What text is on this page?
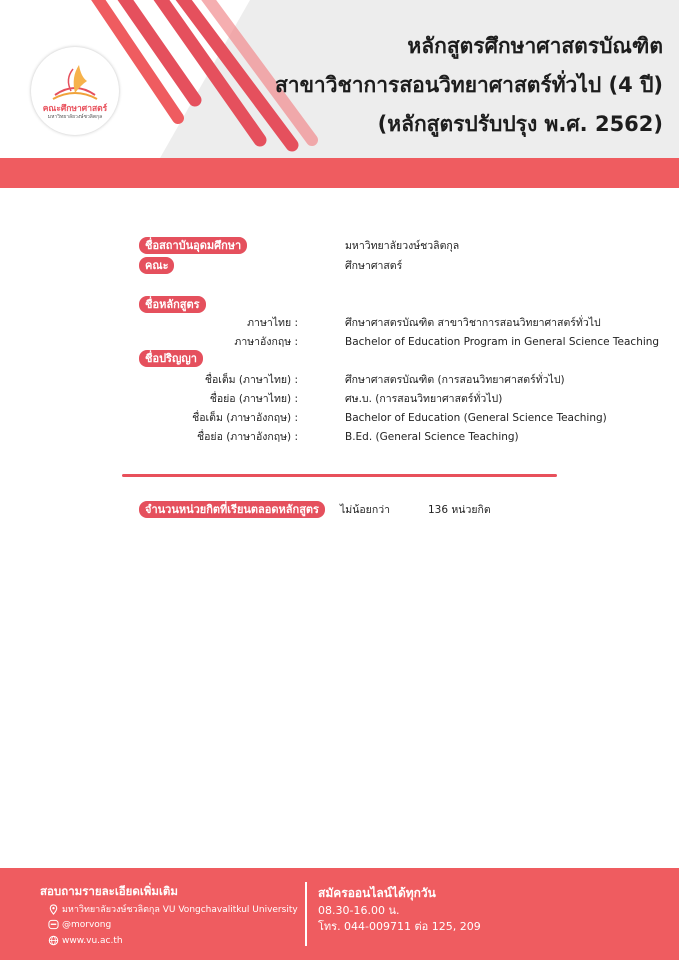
คณะศึกษาศาสตร์
มหาวิทยาลัยวงษ์ชวลิตกุล
หลักสูตรศึกษาศาสตรบัณฑิต
สาขาวิชาการสอนวิทยาศาสตร์ทั่วไป (4 ปี)
(หลักสูตรปรับปรุง พ.ศ. 2562)
ชื่อสถาบันอุดมศึกษา	มหาวิทยาลัยวงษ์ชวลิตกุล
คณะ	ศึกษาศาสตร์
ชื่อหลักสูตร
ภาษาไทย :	ศึกษาศาสตรบัณฑิต สาขาวิชาการสอนวิทยาศาสตร์ทั่วไป
ภาษาอังกฤษ :	Bachelor of Education Program in General Science Teaching
ชื่อปริญญา
ชื่อเต็ม (ภาษาไทย) :	ศึกษาศาสตรบัณฑิต (การสอนวิทยาศาสตร์ทั่วไป)
ชื่อย่อ (ภาษาไทย) :	ศษ.บ. (การสอนวิทยาศาสตร์ทั่วไป)
ชื่อเต็ม (ภาษาอังกฤษ) :	Bachelor of Education (General Science Teaching)
ชื่อย่อ (ภาษาอังกฤษ) :	B.Ed. (General Science Teaching)
จำนวนหน่วยกิตที่เรียนตลอดหลักสูตร	ไม่น้อยกว่า	136 หน่วยกิต
สอบถามรายละเอียดเพิ่มเติม
มหาวิทยาลัยวงษ์ชวลิตกุล VU Vongchavalitkul University
@morvong
www.vu.ac.th
สมัครออนไลน์ได้ทุกวัน
08.30-16.00 น.
โทร. 044-009711 ต่อ 125, 209
